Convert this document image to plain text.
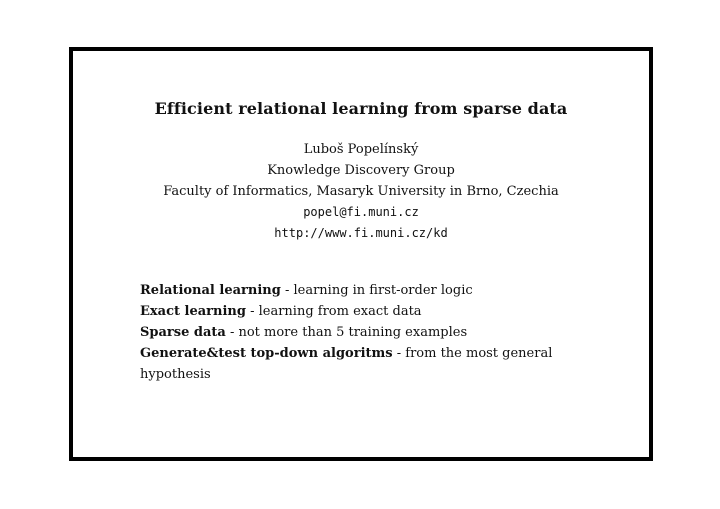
Efficient relational learning from sparse data
Luboš Popelínský
Knowledge Discovery Group
Faculty of Informatics, Masaryk University in Brno, Czechia
popel@fi.muni.cz
http://www.fi.muni.cz/kd
Relational learning - learning in first-order logic
Exact learning - learning from exact data
Sparse data - not more than 5 training examples
Generate&test top-down algoritms - from the most general
hypothesis
